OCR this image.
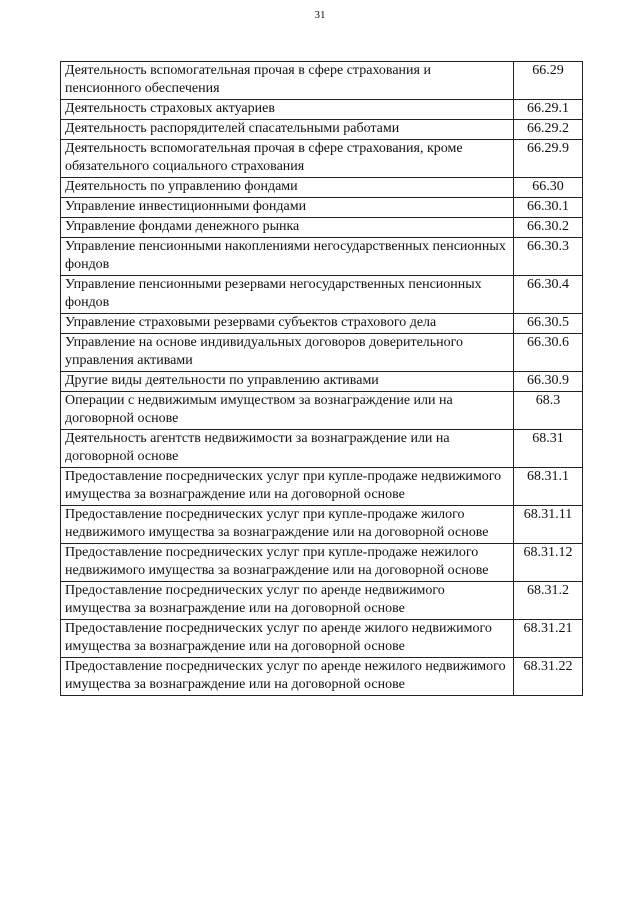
31
Деятельность вспомогательная прочая в сфере страхования и пенсионного обеспечения	66.29
Деятельность страховых актуариев	66.29.1
Деятельность распорядителей спасательными работами	66.29.2
Деятельность вспомогательная прочая в сфере страхования, кроме обязательного социального страхования	66.29.9
Деятельность по управлению фондами	66.30
Управление инвестиционными фондами	66.30.1
Управление фондами денежного рынка	66.30.2
Управление пенсионными накоплениями негосударственных пенсионных фондов	66.30.3
Управление пенсионными резервами негосударственных пенсионных фондов	66.30.4
Управление страховыми резервами субъектов страхового дела	66.30.5
Управление на основе индивидуальных договоров доверительного управления активами	66.30.6
Другие виды деятельности по управлению активами	66.30.9
Операции с недвижимым имуществом за вознаграждение или на договорной основе	68.3
Деятельность агентств недвижимости за вознаграждение или на договорной основе	68.31
Предоставление посреднических услуг при купле-продаже недвижимого имущества за вознаграждение или на договорной основе	68.31.1
Предоставление посреднических услуг при купле-продаже жилого недвижимого имущества за вознаграждение или на договорной основе	68.31.11
Предоставление посреднических услуг при купле-продаже нежилого недвижимого имущества за вознаграждение или на договорной основе	68.31.12
Предоставление посреднических услуг по аренде недвижимого имущества за вознаграждение или на договорной основе	68.31.2
Предоставление посреднических услуг по аренде жилого недвижимого имущества за вознаграждение или на договорной основе	68.31.21
Предоставление посреднических услуг по аренде нежилого недвижимого имущества за вознаграждение или на договорной основе	68.31.22
